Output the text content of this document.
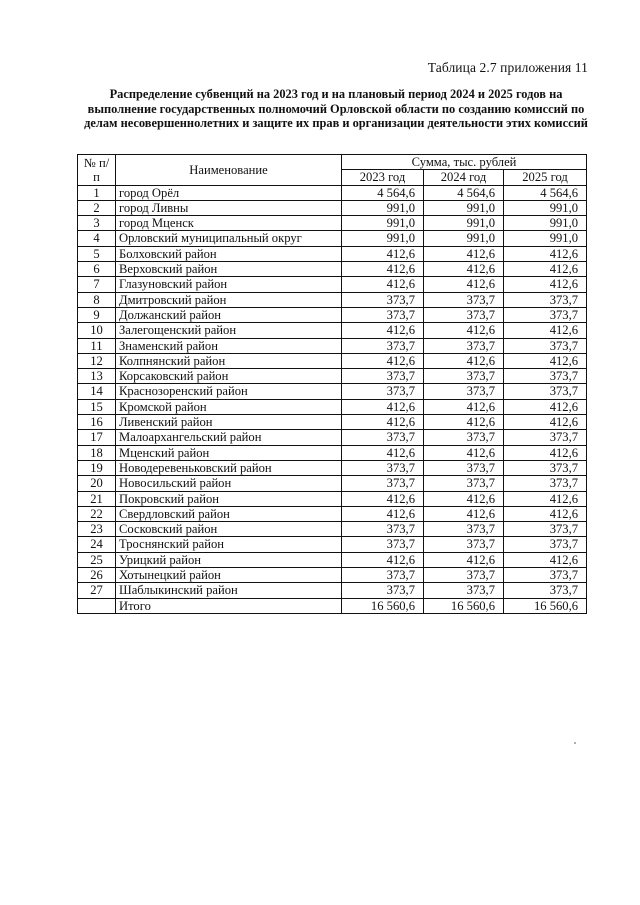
Таблица 2.7 приложения 11
Распределение субвенций на 2023 год и на плановый период 2024 и 2025 годов на выполнение государственных полномочий Орловской области по созданию комиссий по делам несовершеннолетних и защите их прав и организации деятельности этих комиссий
№ п/п	Наименование	Сумма, тыс. рублей		
		2023 год	2024 год	2025 год
1	город Орёл	4 564,6	4 564,6	4 564,6
2	город Ливны	991,0	991,0	991,0
3	город Мценск	991,0	991,0	991,0
4	Орловский муниципальный округ	991,0	991,0	991,0
5	Болховский район	412,6	412,6	412,6
6	Верховский район	412,6	412,6	412,6
7	Глазуновский район	412,6	412,6	412,6
8	Дмитровский район	373,7	373,7	373,7
9	Должанский район	373,7	373,7	373,7
10	Залегощенский район	412,6	412,6	412,6
11	Знаменский район	373,7	373,7	373,7
12	Колпнянский район	412,6	412,6	412,6
13	Корсаковский район	373,7	373,7	373,7
14	Краснозоренский район	373,7	373,7	373,7
15	Кромской район	412,6	412,6	412,6
16	Ливенский район	412,6	412,6	412,6
17	Малоархангельский район	373,7	373,7	373,7
18	Мценский район	412,6	412,6	412,6
19	Новодеревеньковский район	373,7	373,7	373,7
20	Новосильский район	373,7	373,7	373,7
21	Покровский район	412,6	412,6	412,6
22	Свердловский район	412,6	412,6	412,6
23	Сосковский район	373,7	373,7	373,7
24	Троснянский район	373,7	373,7	373,7
25	Урицкий район	412,6	412,6	412,6
26	Хотынецкий район	373,7	373,7	373,7
27	Шаблыкинский район	373,7	373,7	373,7
	Итого	16 560,6	16 560,6	16 560,6
